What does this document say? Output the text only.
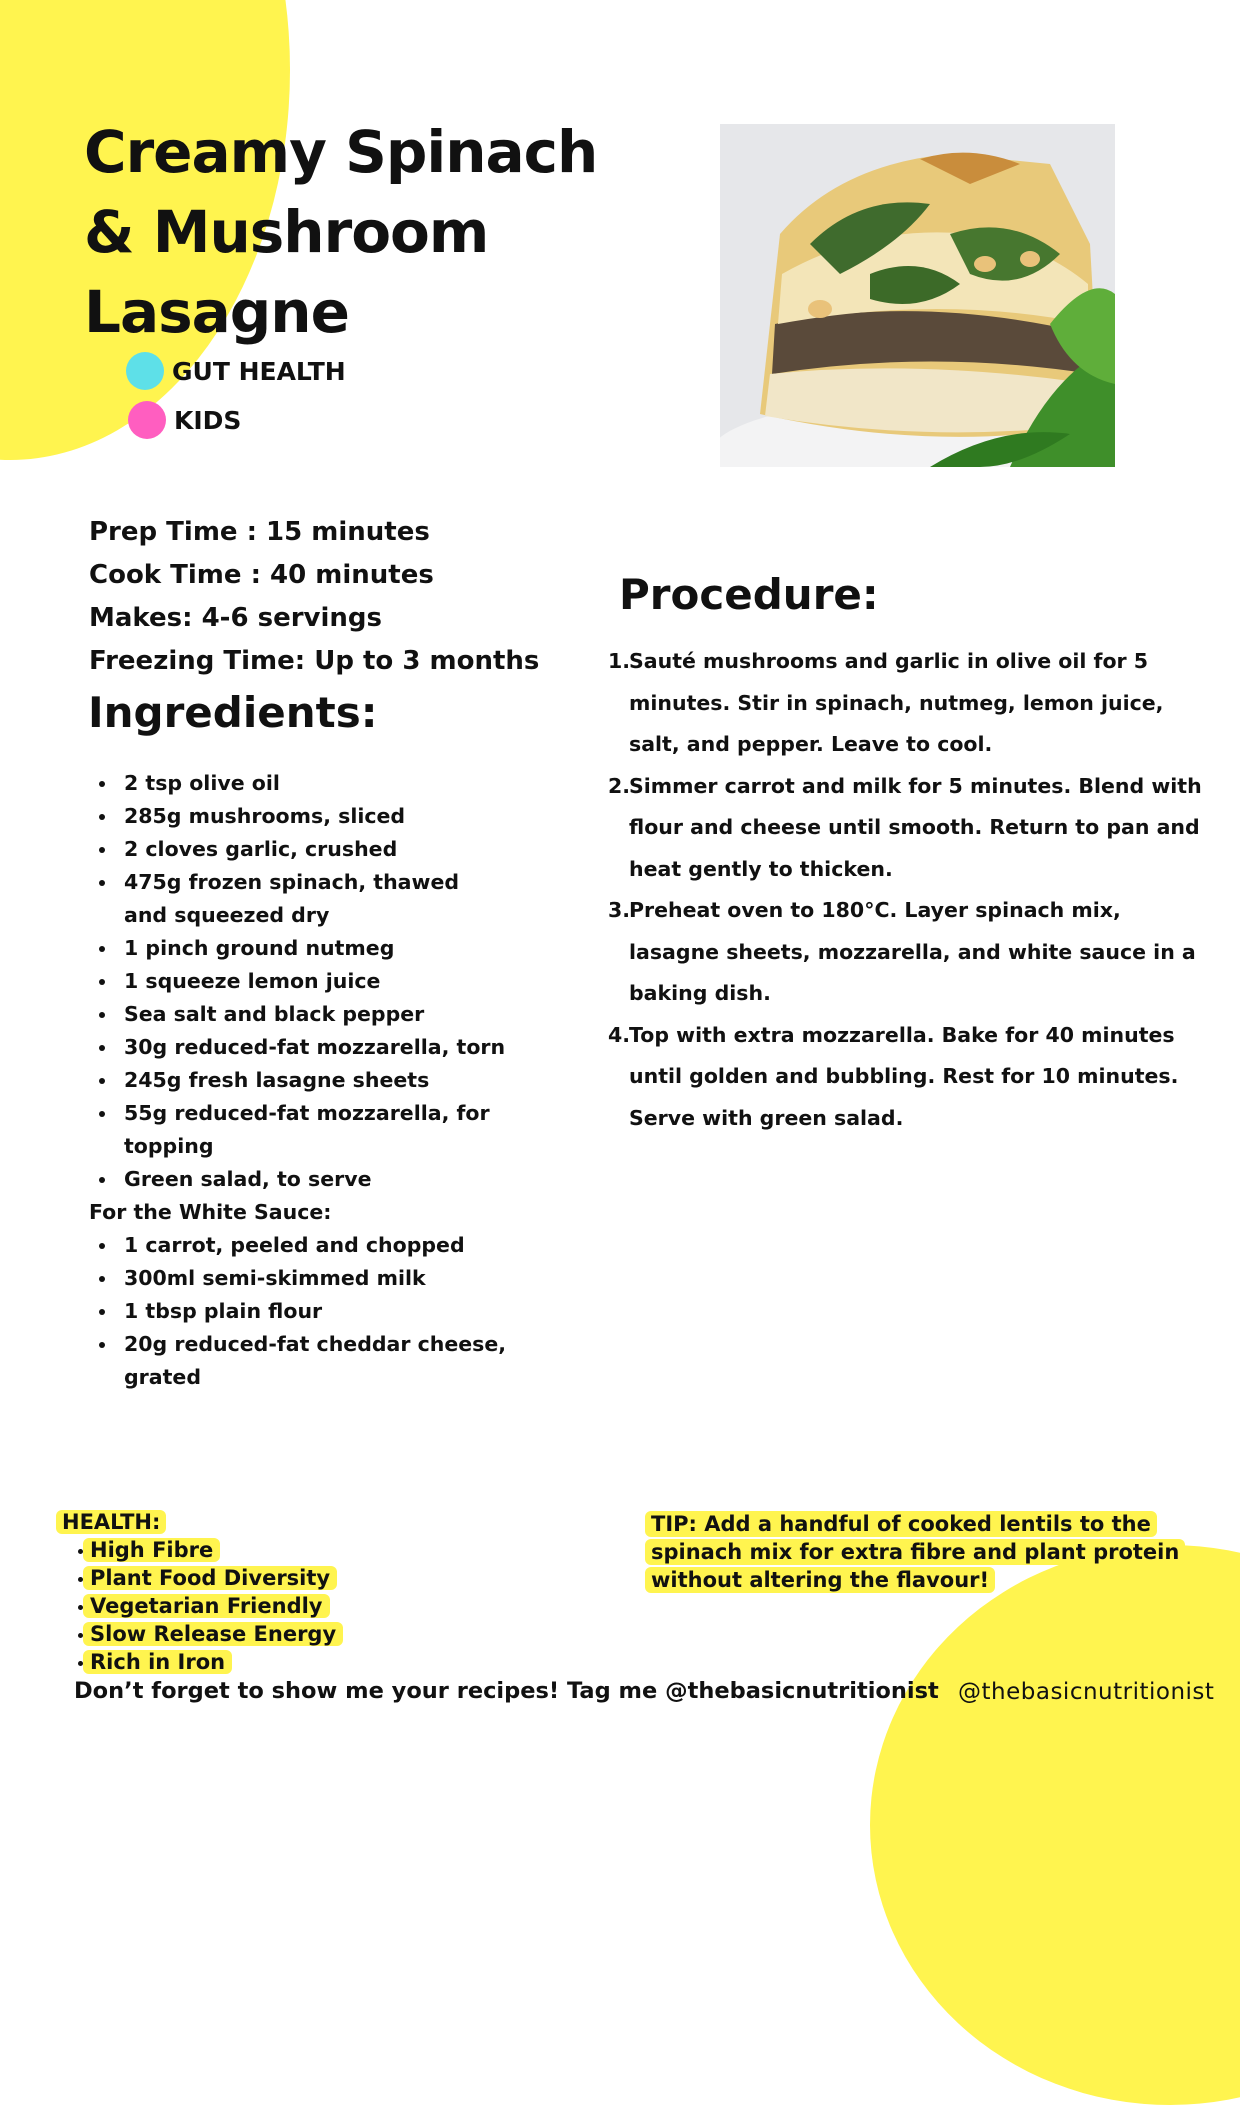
Creamy Spinach
& Mushroom
Lasagne
GUT HEALTH
KIDS
Prep Time : 15 minutes
Cook Time : 40 minutes
Makes: 4-6 servings
Freezing Time: Up to 3 months
Ingredients:
2 tsp olive oil
285g mushrooms, sliced
2 cloves garlic, crushed
475g frozen spinach, thawed and squeezed dry
1 pinch ground nutmeg
1 squeeze lemon juice
Sea salt and black pepper
30g reduced-fat mozzarella, torn
245g fresh lasagne sheets
55g reduced-fat mozzarella, for topping
Green salad, to serve
For the White Sauce:
1 carrot, peeled and chopped
300ml semi-skimmed milk
1 tbsp plain flour
20g reduced-fat cheddar cheese, grated
Procedure:
1.
Sauté mushrooms and garlic in olive oil for 5 minutes. Stir in spinach, nutmeg, lemon juice, salt, and pepper. Leave to cool.
2.
Simmer carrot and milk for 5 minutes. Blend with flour and cheese until smooth. Return to pan and heat gently to thicken.
3.
Preheat oven to 180°C. Layer spinach mix, lasagne sheets, mozzarella, and white sauce in a baking dish.
4.
Top with extra mozzarella. Bake for 40 minutes until golden and bubbling. Rest for 10 minutes. Serve with green salad.
HEALTH:
High Fibre
Plant Food Diversity
Vegetarian Friendly
Slow Release Energy
Rich in Iron
TIP: Add a handful of cooked lentils to the spinach mix for extra fibre and plant protein without altering the flavour!
Don’t forget to show me your recipes! Tag me @thebasicnutritionist @thebasicnutritionist
